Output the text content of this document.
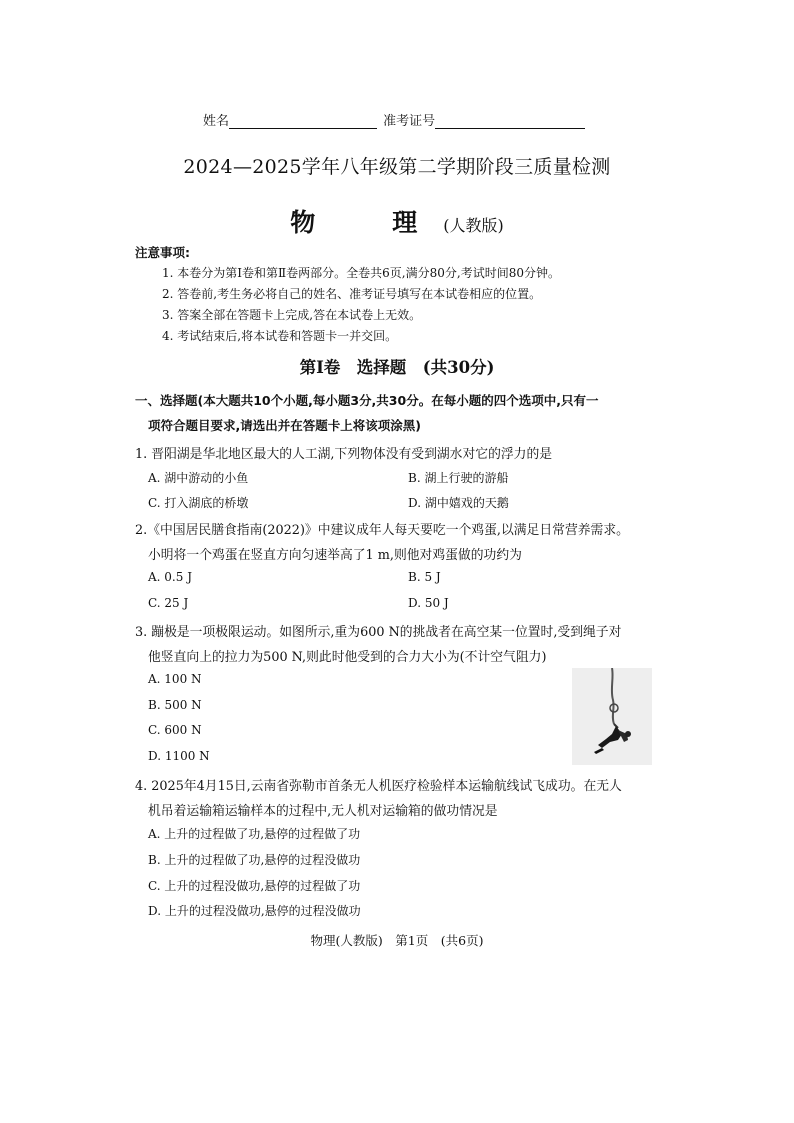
姓名	准考证号
2024—2025学年八年级第二学期阶段三质量检测
物　理(人教版)
注意事项:
1. 本卷分为第Ⅰ卷和第Ⅱ卷两部分。全卷共6页,满分80分,考试时间80分钟。
2. 答卷前,考生务必将自己的姓名、准考证号填写在本试卷相应的位置。
3. 答案全部在答题卡上完成,答在本试卷上无效。
4. 考试结束后,将本试卷和答题卡一并交回。
第Ⅰ卷　选择题　(共30分)
一、选择题(本大题共10个小题,每小题3分,共30分。在每小题的四个选项中,只有一
项符合题目要求,请选出并在答题卡上将该项涂黑)
1. 晋阳湖是华北地区最大的人工湖,下列物体没有受到湖水对它的浮力的是
A. 湖中游动的小鱼	B. 湖上行驶的游船
C. 打入湖底的桥墩	D. 湖中嬉戏的天鹅
2.《中国居民膳食指南(2022)》中建议成年人每天要吃一个鸡蛋,以满足日常营养需求。
小明将一个鸡蛋在竖直方向匀速举高了1 m,则他对鸡蛋做的功约为
A. 0.5 J	B. 5 J
C. 25 J	D. 50 J
3. 蹦极是一项极限运动。如图所示,重为600 N的挑战者在高空某一位置时,受到绳子对
他竖直向上的拉力为500 N,则此时他受到的合力大小为(不计空气阻力)
A. 100 N
B. 500 N
C. 600 N
D. 1100 N
4. 2025年4月15日,云南省弥勒市首条无人机医疗检验样本运输航线试飞成功。在无人
机吊着运输箱运输样本的过程中,无人机对运输箱的做功情况是
A. 上升的过程做了功,悬停的过程做了功
B. 上升的过程做了功,悬停的过程没做功
C. 上升的过程没做功,悬停的过程做了功
D. 上升的过程没做功,悬停的过程没做功
物理(人教版)　第1页　(共6页)
